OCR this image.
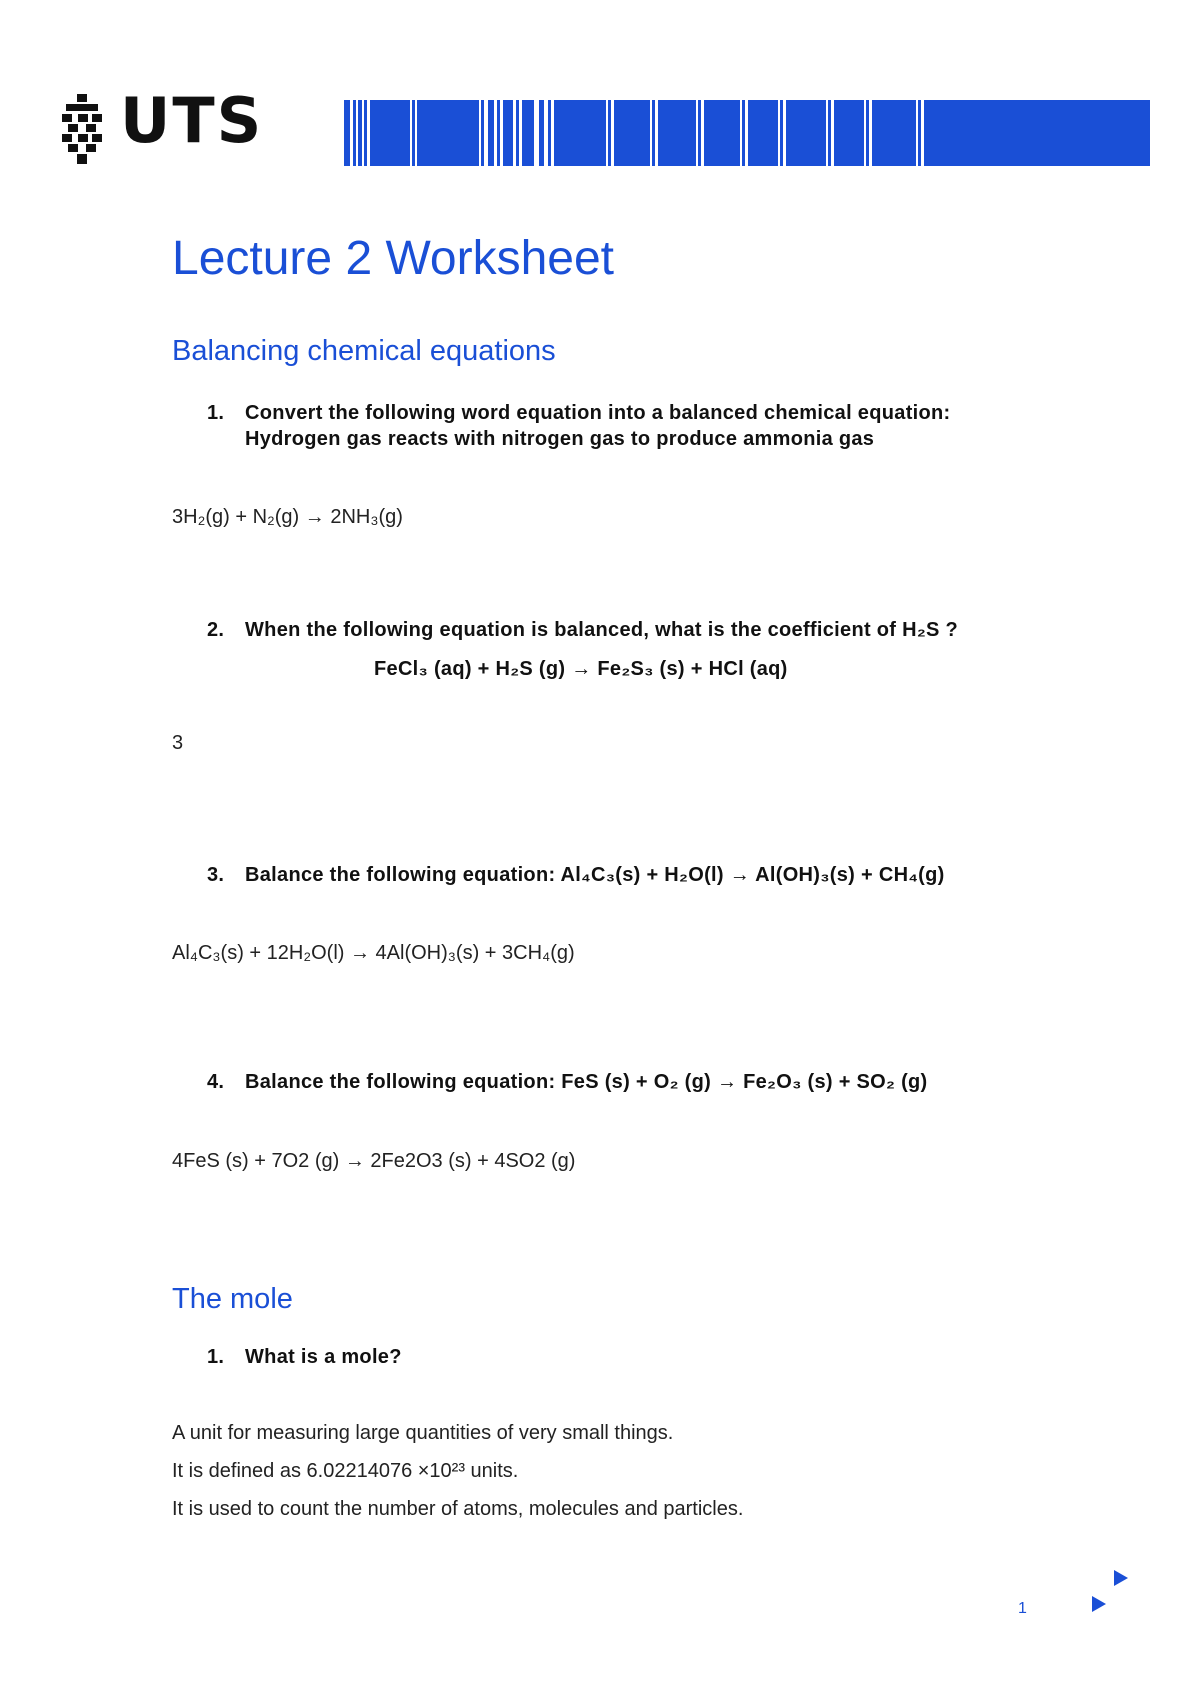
UTS
Lecture 2 Worksheet
Balancing chemical equations
1. Convert the following word equation into a balanced chemical equation:
Hydrogen gas reacts with nitrogen gas to produce ammonia gas
3H₂(g) + N₂(g) → 2NH₃(g)
2. When the following equation is balanced, what is the coefficient of H₂S ?
FeCl₃ (aq) + H₂S (g) → Fe₂S₃ (s) + HCl (aq)
3
3. Balance the following equation: Al₄C₃(s) + H₂O(l) → Al(OH)₃(s) + CH₄(g)
Al₄C₃(s) + 12H₂O(l) → 4Al(OH)₃(s) + 3CH₄(g)
4. Balance the following equation: FeS (s) + O₂ (g) → Fe₂O₃ (s) + SO₂ (g)
4FeS (s) + 7O2 (g) → 2Fe2O3 (s) + 4SO2 (g)
The mole
1. What is a mole?
A unit for measuring large quantities of very small things.
It is defined as 6.02214076 ×10²³ units.
It is used to count the number of atoms, molecules and particles.
1
